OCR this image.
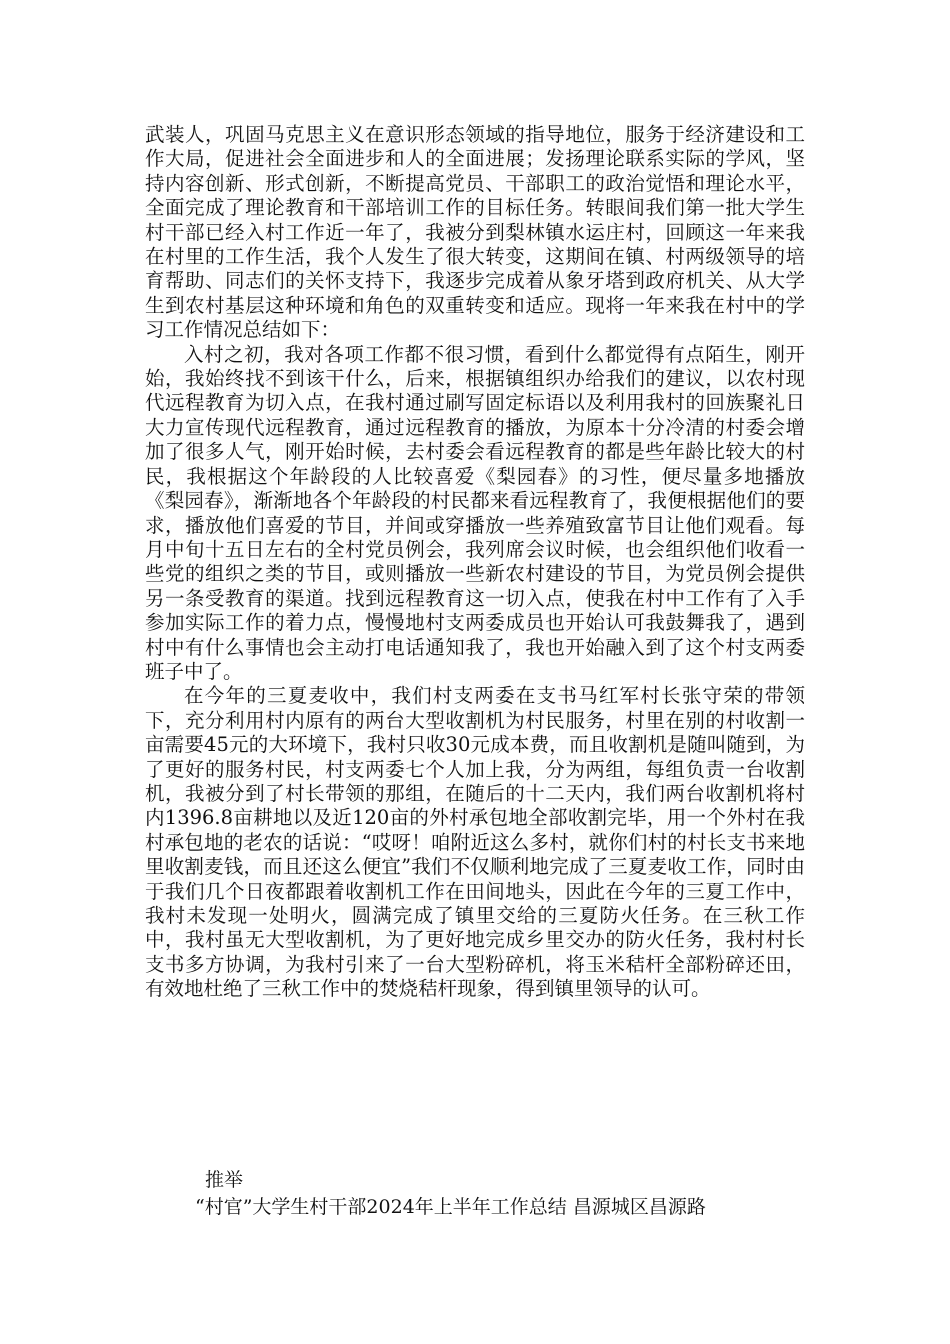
武装人，巩固马克思主义在意识形态领域的指导地位，服务于经济建设和工作大局，促进社会全面进步和人的全面进展；发扬理论联系实际的学风，坚持内容创新、形式创新，不断提高党员、干部职工的政治觉悟和理论水平，全面完成了理论教育和干部培训工作的目标任务。转眼间我们第一批大学生村干部已经入村工作近一年了，我被分到梨林镇水运庄村，回顾这一年来我在村里的工作生活，我个人发生了很大转变，这期间在镇、村两级领导的培育帮助、同志们的关怀支持下，我逐步完成着从象牙塔到政府机关、从大学生到农村基层这种环境和角色的双重转变和适应。现将一年来我在村中的学习工作情况总结如下：

入村之初，我对各项工作都不很习惯，看到什么都觉得有点陌生，刚开始，我始终找不到该干什么，后来，根据镇组织办给我们的建议，以农村现代远程教育为切入点，在我村通过刷写固定标语以及利用我村的回族聚礼日大力宣传现代远程教育，通过远程教育的播放，为原本十分冷清的村委会增加了很多人气，刚开始时候，去村委会看远程教育的都是些年龄比较大的村民，我根据这个年龄段的人比较喜爱《梨园春》的习性，便尽量多地播放《梨园春》，渐渐地各个年龄段的村民都来看远程教育了，我便根据他们的要求，播放他们喜爱的节目，并间或穿播放一些养殖致富节目让他们观看。每月中旬十五日左右的全村党员例会，我列席会议时候，也会组织他们收看一些党的组织之类的节目，或则播放一些新农村建设的节目，为党员例会提供另一条受教育的渠道。找到远程教育这一切入点，使我在村中工作有了入手参加实际工作的着力点，慢慢地村支两委成员也开始认可我鼓舞我了，遇到村中有什么事情也会主动打电话通知我了，我也开始融入到了这个村支两委班子中了。

在今年的三夏麦收中，我们村支两委在支书马红军村长张守荣的带领下，充分利用村内原有的两台大型收割机为村民服务，村里在别的村收割一亩需要45元的大环境下，我村只收30元成本费，而且收割机是随叫随到，为了更好的服务村民，村支两委七个人加上我，分为两组，每组负责一台收割机，我被分到了村长带领的那组，在随后的十二天内，我们两台收割机将村内1396.8亩耕地以及近120亩的外村承包地全部收割完毕，用一个外村在我村承包地的老农的话说：“哎呀！咱附近这么多村，就你们村的村长支书来地里收割麦钱，而且还这么便宜”我们不仅顺利地完成了三夏麦收工作，同时由于我们几个日夜都跟着收割机工作在田间地头，因此在今年的三夏工作中，我村未发现一处明火，圆满完成了镇里交给的三夏防火任务。在三秋工作中，我村虽无大型收割机，为了更好地完成乡里交办的防火任务，我村村长支书多方协调，为我村引来了一台大型粉碎机，将玉米秸杆全部粉碎还田，有效地杜绝了三秋工作中的焚烧秸杆现象，得到镇里领导的认可。

推举
“村官”大学生村干部2024年上半年工作总结 昌源城区昌源路
